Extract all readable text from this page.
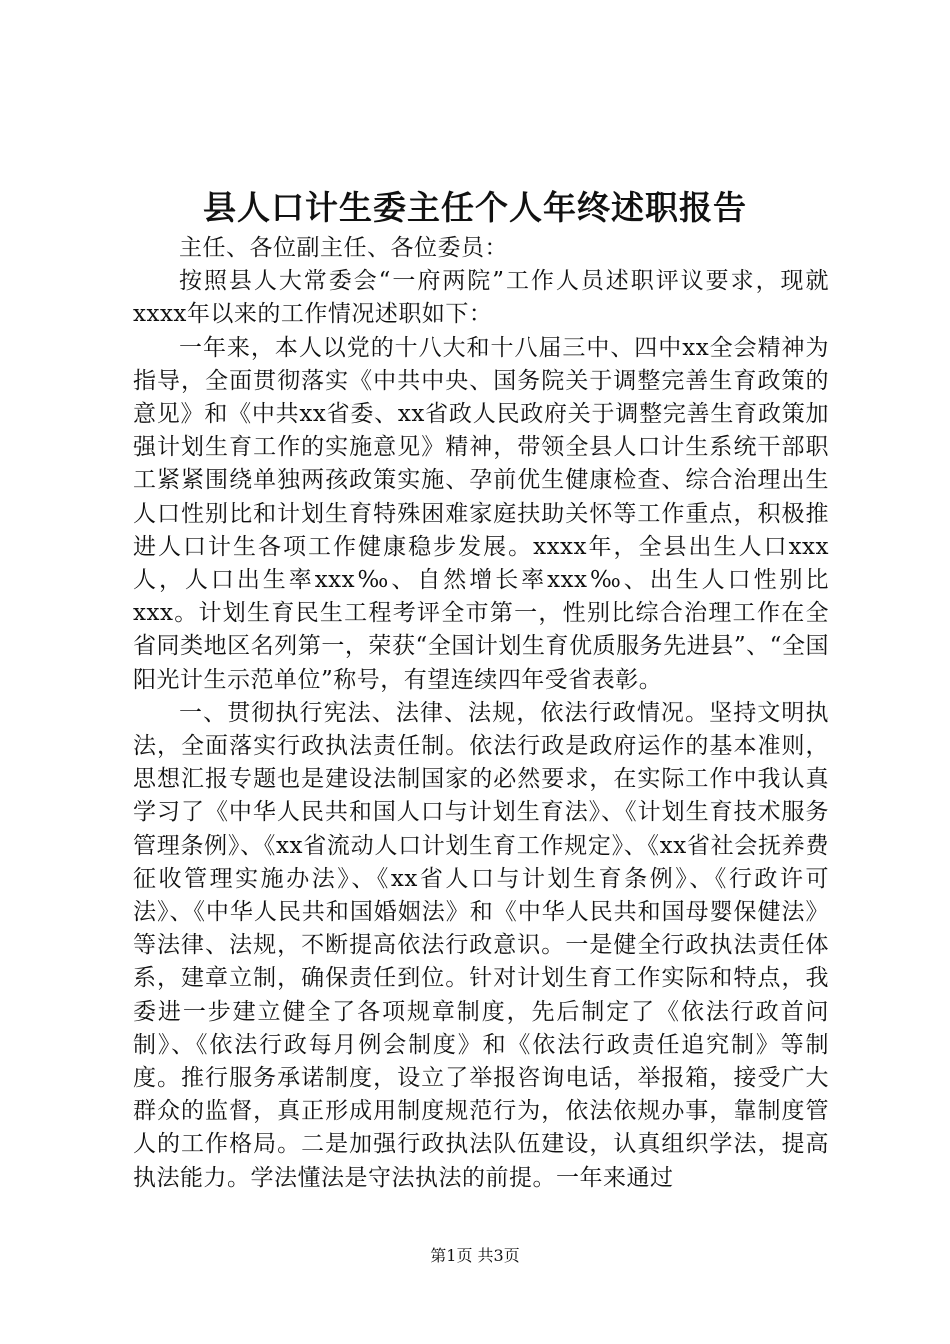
县人口计生委主任个人年终述职报告

主任、各位副主任、各位委员：

按照县人大常委会“一府两院”工作人员述职评议要求，现就xxxx年以来的工作情况述职如下：

一年来，本人以党的十八大和十八届三中、四中xx全会精神为指导，全面贯彻落实《中共中央、国务院关于调整完善生育政策的意见》和《中共xx省委、xx省政人民政府关于调整完善生育政策加强计划生育工作的实施意见》精神，带领全县人口计生系统干部职工紧紧围绕单独两孩政策实施、孕前优生健康检查、综合治理出生人口性别比和计划生育特殊困难家庭扶助关怀等工作重点，积极推进人口计生各项工作健康稳步发展。xxxx年，全县出生人口xxx人，人口出生率xxx‰、自然增长率xxx‰、出生人口性别比xxx。计划生育民生工程考评全市第一，性别比综合治理工作在全省同类地区名列第一，荣获“全国计划生育优质服务先进县”、“全国阳光计生示范单位”称号，有望连续四年受省表彰。

一、贯彻执行宪法、法律、法规，依法行政情况。坚持文明执法，全面落实行政执法责任制。依法行政是政府运作的基本准则，思想汇报专题也是建设法制国家的必然要求，在实际工作中我认真学习了《中华人民共和国人口与计划生育法》、《计划生育技术服务管理条例》、《xx省流动人口计划生育工作规定》、《xx省社会抚养费征收管理实施办法》、《xx省人口与计划生育条例》、《行政许可法》、《中华人民共和国婚姻法》和《中华人民共和国母婴保健法》等法律、法规，不断提高依法行政意识。一是健全行政执法责任体系，建章立制，确保责任到位。针对计划生育工作实际和特点，我委进一步建立健全了各项规章制度，先后制定了《依法行政首问制》、《依法行政每月例会制度》和《依法行政责任追究制》等制度。推行服务承诺制度，设立了举报咨询电话，举报箱，接受广大群众的监督，真正形成用制度规范行为，依法依规办事，靠制度管人的工作格局。二是加强行政执法队伍建设，认真组织学法，提高执法能力。学法懂法是守法执法的前提。一年来通过

第1页 共3页
